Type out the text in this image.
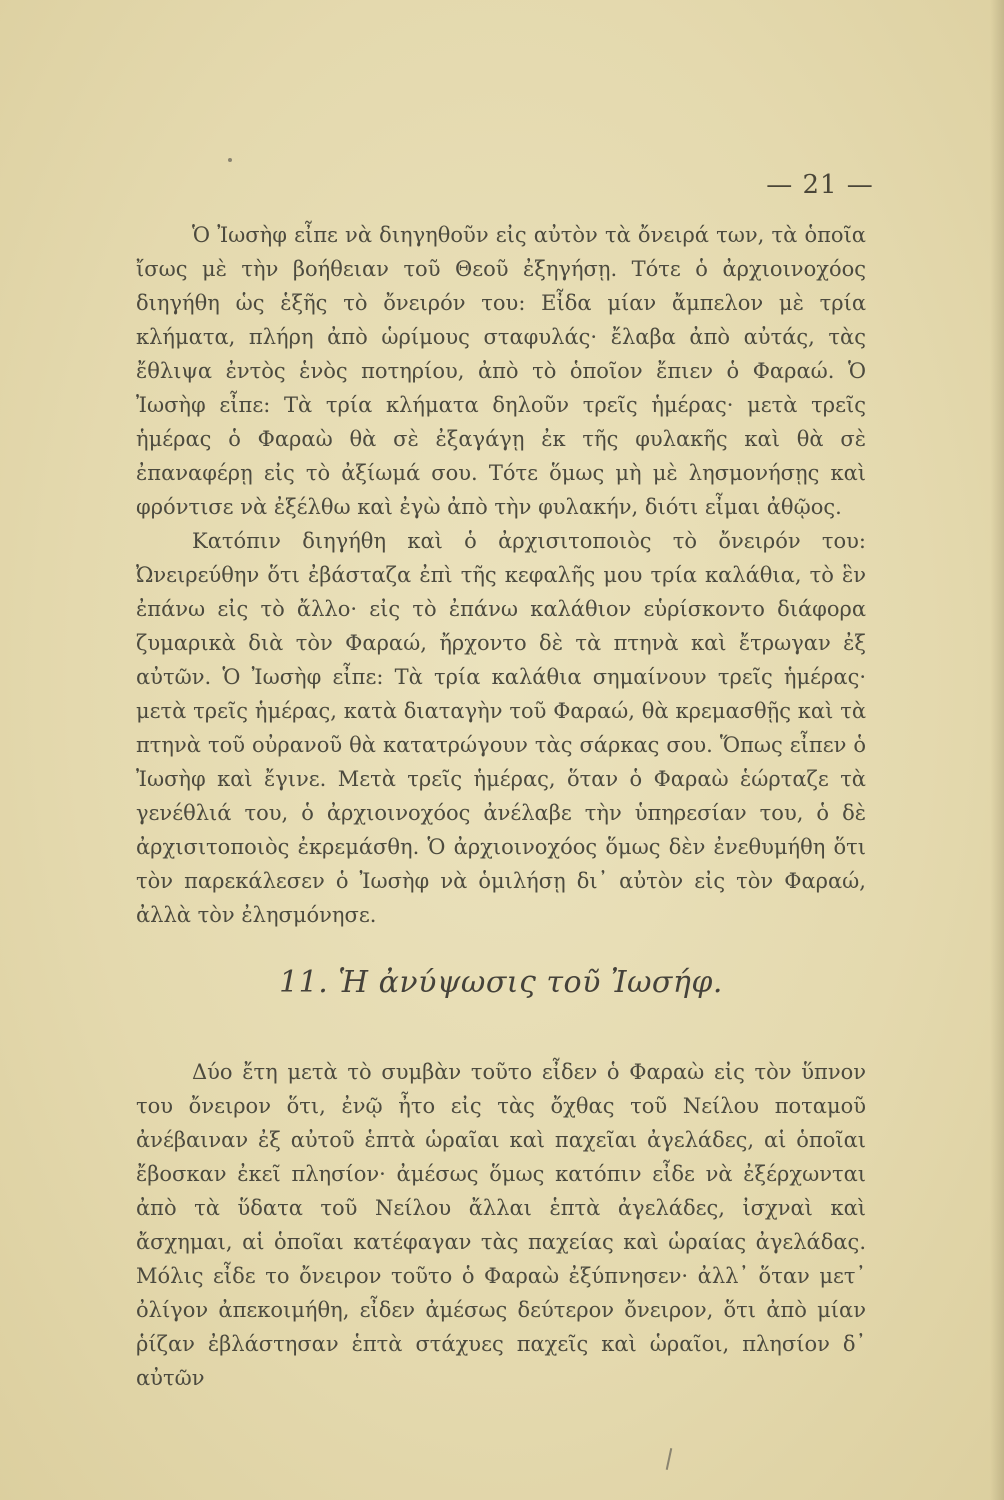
— 21 —

Ὁ Ἰωσὴφ εἶπε νὰ διηγηθοῦν εἰς αὐτὸν τὰ ὄνειρά των, τὰ ὁποῖα ἴσως μὲ τὴν βοήθειαν τοῦ Θεοῦ ἐξηγήσῃ. Τότε ὁ ἀρχιοινοχόος διηγήθη ὡς ἑξῆς τὸ ὄνειρόν του: Εἶδα μίαν ἄμπελον μὲ τρία κλήματα, πλήρη ἀπὸ ὡρίμους σταφυλάς· ἔλαβα ἀπὸ αὐτάς, τὰς ἔθλιψα ἐντὸς ἑνὸς ποτηρίου, ἀπὸ τὸ ὁποῖον ἔπιεν ὁ Φαραώ. Ὁ Ἰωσὴφ εἶπε: Τὰ τρία κλήματα δηλοῦν τρεῖς ἡμέρας· μετὰ τρεῖς ἡμέρας ὁ Φαραὼ θὰ σὲ ἐξαγάγῃ ἐκ τῆς φυλακῆς καὶ θὰ σὲ ἐπαναφέρῃ εἰς τὸ ἀξίωμά σου. Τότε ὅμως μὴ μὲ λησμονήσῃς καὶ φρόντισε νὰ ἐξέλθω καὶ ἐγὼ ἀπὸ τὴν φυλακήν, διότι εἶμαι ἀθῷος.

Κατόπιν διηγήθη καὶ ὁ ἀρχισιτοποιὸς τὸ ὄνειρόν του: Ὠνειρεύθην ὅτι ἐβάσταζα ἐπὶ τῆς κεφαλῆς μου τρία καλάθια, τὸ ἓν ἐπάνω εἰς τὸ ἄλλο· εἰς τὸ ἐπάνω καλάθιον εὑρίσκοντο διάφορα ζυμαρικὰ διὰ τὸν Φαραώ, ἤρχοντο δὲ τὰ πτηνὰ καὶ ἔτρωγαν ἐξ αὐτῶν. Ὁ Ἰωσὴφ εἶπε: Τὰ τρία καλάθια σημαίνουν τρεῖς ἡμέρας· μετὰ τρεῖς ἡμέρας, κατὰ διαταγὴν τοῦ Φαραώ, θὰ κρεμασθῇς καὶ τὰ πτηνὰ τοῦ οὐρανοῦ θὰ κατατρώγουν τὰς σάρκας σου. Ὅπως εἶπεν ὁ Ἰωσὴφ καὶ ἔγινε. Μετὰ τρεῖς ἡμέρας, ὅταν ὁ Φαραὼ ἑώρταζε τὰ γενέθλιά του, ὁ ἀρχιοινοχόος ἀνέλαβε τὴν ὑπηρεσίαν του, ὁ δὲ ἀρχισιτοποιὸς ἐκρεμάσθη. Ὁ ἀρχιοινοχόος ὅμως δὲν ἐνεθυμήθη ὅτι τὸν παρεκάλεσεν ὁ Ἰωσὴφ νὰ ὁμιλήσῃ δι᾿ αὐτὸν εἰς τὸν Φαραώ, ἀλλὰ τὸν ἐλησμόνησε.

11. Ἡ ἀνύψωσις τοῦ Ἰωσήφ.

Δύο ἔτη μετὰ τὸ συμβὰν τοῦτο εἶδεν ὁ Φαραὼ εἰς τὸν ὕπνον του ὄνειρον ὅτι, ἐνῷ ἦτο εἰς τὰς ὄχθας τοῦ Νείλου ποταμοῦ ἀνέβαιναν ἐξ αὐτοῦ ἑπτὰ ὡραῖαι καὶ παχεῖαι ἀγελάδες, αἱ ὁποῖαι ἔβοσκαν ἐκεῖ πλησίον· ἀμέσως ὅμως κατόπιν εἶδε νὰ ἐξέρχωνται ἀπὸ τὰ ὕδατα τοῦ Νείλου ἄλλαι ἑπτὰ ἀγελάδες, ἰσχναὶ καὶ ἄσχημαι, αἱ ὁποῖαι κατέφαγαν τὰς παχείας καὶ ὡραίας ἀγελάδας. Μόλις εἶδε το ὄνειρον τοῦτο ὁ Φαραὼ ἐξύπνησεν· ἀλλ᾿ ὅταν μετ᾿ ὀλίγον ἀπεκοιμήθη, εἶδεν ἀμέσως δεύτερον ὄνειρον, ὅτι ἀπὸ μίαν ῥίζαν ἐβλάστησαν ἑπτὰ στάχυες παχεῖς καὶ ὡραῖοι, πλησίον δ᾿ αὐτῶν
